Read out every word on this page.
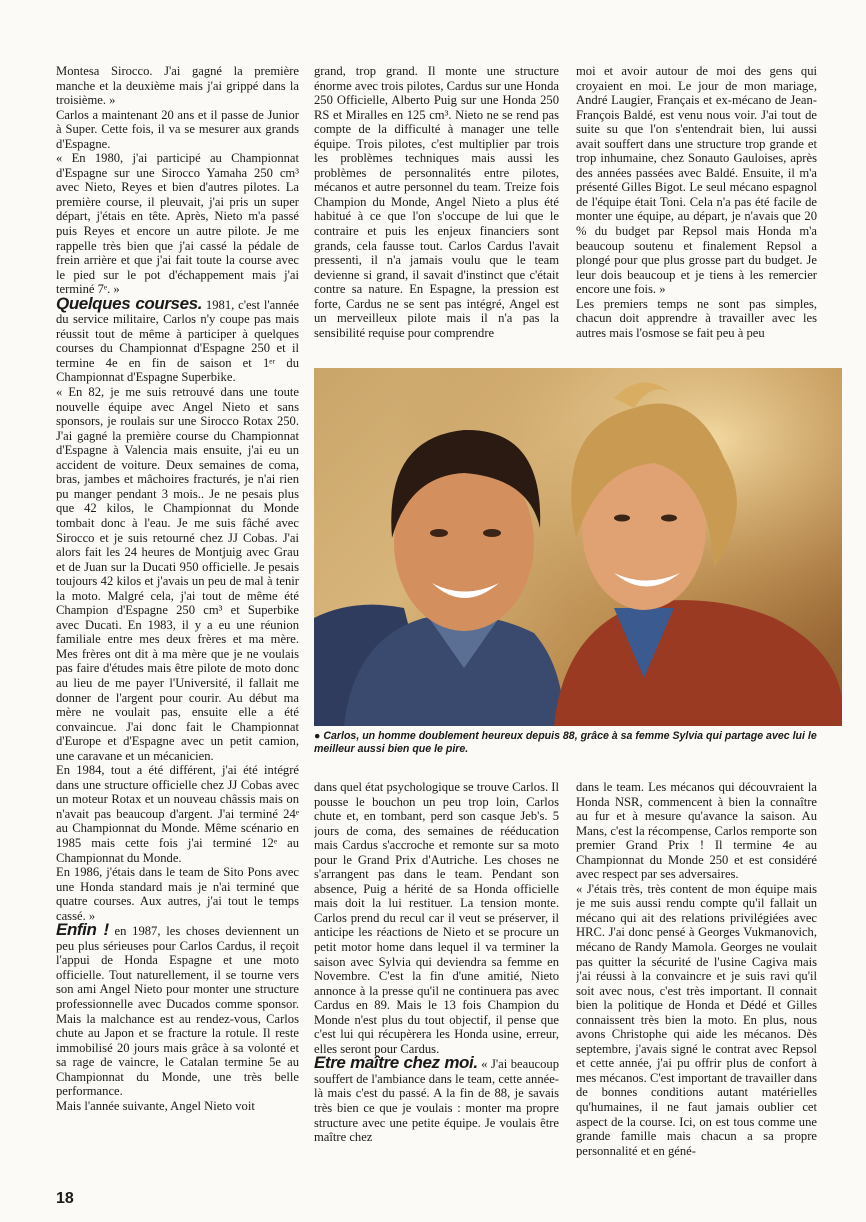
Montesa Sirocco. J'ai gagné la première manche et la deuxième mais j'ai grippé dans la troisième. »

Carlos a maintenant 20 ans et il passe de Junior à Super. Cette fois, il va se mesurer aux grands d'Espagne.

« En 1980, j'ai participé au Championnat d'Espagne sur une Sirocco Yamaha 250 cm³ avec Nieto, Reyes et bien d'autres pilotes. La première course, il pleuvait, j'ai pris un super départ, j'étais en tête. Après, Nieto m'a passé puis Reyes et encore un autre pilote. Je me rappelle très bien que j'ai cassé la pédale de frein arrière et que j'ai fait toute la course avec le pied sur le pot d'échappement mais j'ai terminé 7ᵉ. »

Quelques courses. 1981, c'est l'année du service militaire, Carlos n'y coupe pas mais réussit tout de même à participer à quelques courses du Championnat d'Espagne 250 et il termine 4e en fin de saison et 1ᵉʳ du Championnat d'Espagne Superbike.

« En 82, je me suis retrouvé dans une toute nouvelle équipe avec Angel Nieto et sans sponsors, je roulais sur une Sirocco Rotax 250. J'ai gagné la première course du Championnat d'Espagne à Valencia mais ensuite, j'ai eu un accident de voiture. Deux semaines de coma, bras, jambes et mâchoires fracturés, je n'ai rien pu manger pendant 3 mois.. Je ne pesais plus que 42 kilos, le Championnat du Monde tombait donc à l'eau. Je me suis fâché avec Sirocco et je suis retourné chez JJ Cobas. J'ai alors fait les 24 heures de Montjuig avec Grau et de Juan sur la Ducati 950 officielle. Je pesais toujours 42 kilos et j'avais un peu de mal à tenir la moto. Malgré cela, j'ai tout de même été Champion d'Espagne 250 cm³ et Superbike avec Ducati. En 1983, il y a eu une réunion familiale entre mes deux frères et ma mère. Mes frères ont dit à ma mère que je ne voulais pas faire d'études mais être pilote de moto donc au lieu de me payer l'Université, il fallait me donner de l'argent pour courir. Au début ma mère ne voulait pas, ensuite elle a été convaincue. J'ai donc fait le Championnat d'Europe et d'Espagne avec un petit camion, une caravane et un mécanicien.

En 1984, tout a été différent, j'ai été intégré dans une structure officielle chez JJ Cobas avec un moteur Rotax et un nouveau châssis mais on n'avait pas beaucoup d'argent. J'ai terminé 24ᵉ au Championnat du Monde. Même scénario en 1985 mais cette fois j'ai terminé 12ᵉ au Championnat du Monde.

En 1986, j'étais dans le team de Sito Pons avec une Honda standard mais je n'ai terminé que quatre courses. Aux autres, j'ai tout le temps cassé. »

Enfin ! en 1987, les choses deviennent un peu plus sérieuses pour Carlos Cardus, il reçoit l'appui de Honda Espagne et une moto officielle. Tout naturellement, il se tourne vers son ami Angel Nieto pour monter une structure professionnelle avec Ducados comme sponsor. Mais la malchance est au rendez-vous, Carlos chute au Japon et se fracture la rotule. Il reste immobilisé 20 jours mais grâce à sa volonté et sa rage de vaincre, le Catalan termine 5e au Championnat du Monde, une très belle performance.

Mais l'année suivante, Angel Nieto voit

grand, trop grand. Il monte une structure énorme avec trois pilotes, Cardus sur une Honda 250 Officielle, Alberto Puig sur une Honda 250 RS et Miralles en 125 cm³. Nieto ne se rend pas compte de la difficulté à manager une telle équipe. Trois pilotes, c'est multiplier par trois les problèmes techniques mais aussi les problèmes de personnalités entre pilotes, mécanos et autre personnel du team. Treize fois Champion du Monde, Angel Nieto a plus été habitué à ce que l'on s'occupe de lui que le contraire et puis les enjeux financiers sont grands, cela fausse tout. Carlos Cardus l'avait pressenti, il n'a jamais voulu que le team devienne si grand, il savait d'instinct que c'était contre sa nature. En Espagne, la pression est forte, Cardus ne se sent pas intégré, Angel est un merveilleux pilote mais il n'a pas la sensibilité requise pour comprendre

moi et avoir autour de moi des gens qui croyaient en moi. Le jour de mon mariage, André Laugier, Français et ex-mécano de Jean-François Baldé, est venu nous voir. J'ai tout de suite su que l'on s'entendrait bien, lui aussi avait souffert dans une structure trop grande et trop inhumaine, chez Sonauto Gauloises, après des années passées avec Baldé. Ensuite, il m'a présenté Gilles Bigot. Le seul mécano espagnol de l'équipe était Toni. Cela n'a pas été facile de monter une équipe, au départ, je n'avais que 20 % du budget par Repsol mais Honda m'a beaucoup soutenu et finalement Repsol a plongé pour que plus grosse part du budget. Je leur dois beaucoup et je tiens à les remercier encore une fois. »

Les premiers temps ne sont pas simples, chacun doit apprendre à travailler avec les autres mais l'osmose se fait peu à peu

● Carlos, un homme doublement heureux depuis 88, grâce à sa femme Sylvia qui partage avec lui le meilleur aussi bien que le pire.

dans quel état psychologique se trouve Carlos. Il pousse le bouchon un peu trop loin, Carlos chute et, en tombant, perd son casque Jeb's. 5 jours de coma, des semaines de rééducation mais Cardus s'accroche et remonte sur sa moto pour le Grand Prix d'Autriche. Les choses ne s'arrangent pas dans le team. Pendant son absence, Puig a hérité de sa Honda officielle mais doit la lui restituer. La tension monte. Carlos prend du recul car il veut se préserver, il anticipe les réactions de Nieto et se procure un petit motor home dans lequel il va terminer la saison avec Sylvia qui deviendra sa femme en Novembre. C'est la fin d'une amitié, Nieto annonce à la presse qu'il ne continuera pas avec Cardus en 89. Mais le 13 fois Champion du Monde n'est plus du tout objectif, il pense que c'est lui qui récupèrera les Honda usine, erreur, elles seront pour Cardus.

Etre maître chez moi. « J'ai beaucoup souffert de l'ambiance dans le team, cette année-là mais c'est du passé. A la fin de 88, je savais très bien ce que je voulais : monter ma propre structure avec une petite équipe. Je voulais être maître chez

dans le team. Les mécanos qui découvraient la Honda NSR, commencent à bien la connaître au fur et à mesure qu'avance la saison. Au Mans, c'est la récompense, Carlos remporte son premier Grand Prix ! Il termine 4e au Championnat du Monde 250 et est considéré avec respect par ses adversaires.

« J'étais très, très content de mon équipe mais je me suis aussi rendu compte qu'il fallait un mécano qui ait des relations privilégiées avec HRC. J'ai donc pensé à Georges Vukmanovich, mécano de Randy Mamola. Georges ne voulait pas quitter la sécurité de l'usine Cagiva mais j'ai réussi à la convaincre et je suis ravi qu'il soit avec nous, c'est très important. Il connait bien la politique de Honda et Dédé et Gilles connaissent très bien la moto. En plus, nous avons Christophe qui aide les mécanos. Dès septembre, j'avais signé le contrat avec Repsol et cette année, j'ai pu offrir plus de confort à mes mécanos. C'est important de travailler dans de bonnes conditions autant matérielles qu'humaines, il ne faut jamais oublier cet aspect de la course. Ici, on est tous comme une grande famille mais chacun a sa propre personnalité et en géné-

18
